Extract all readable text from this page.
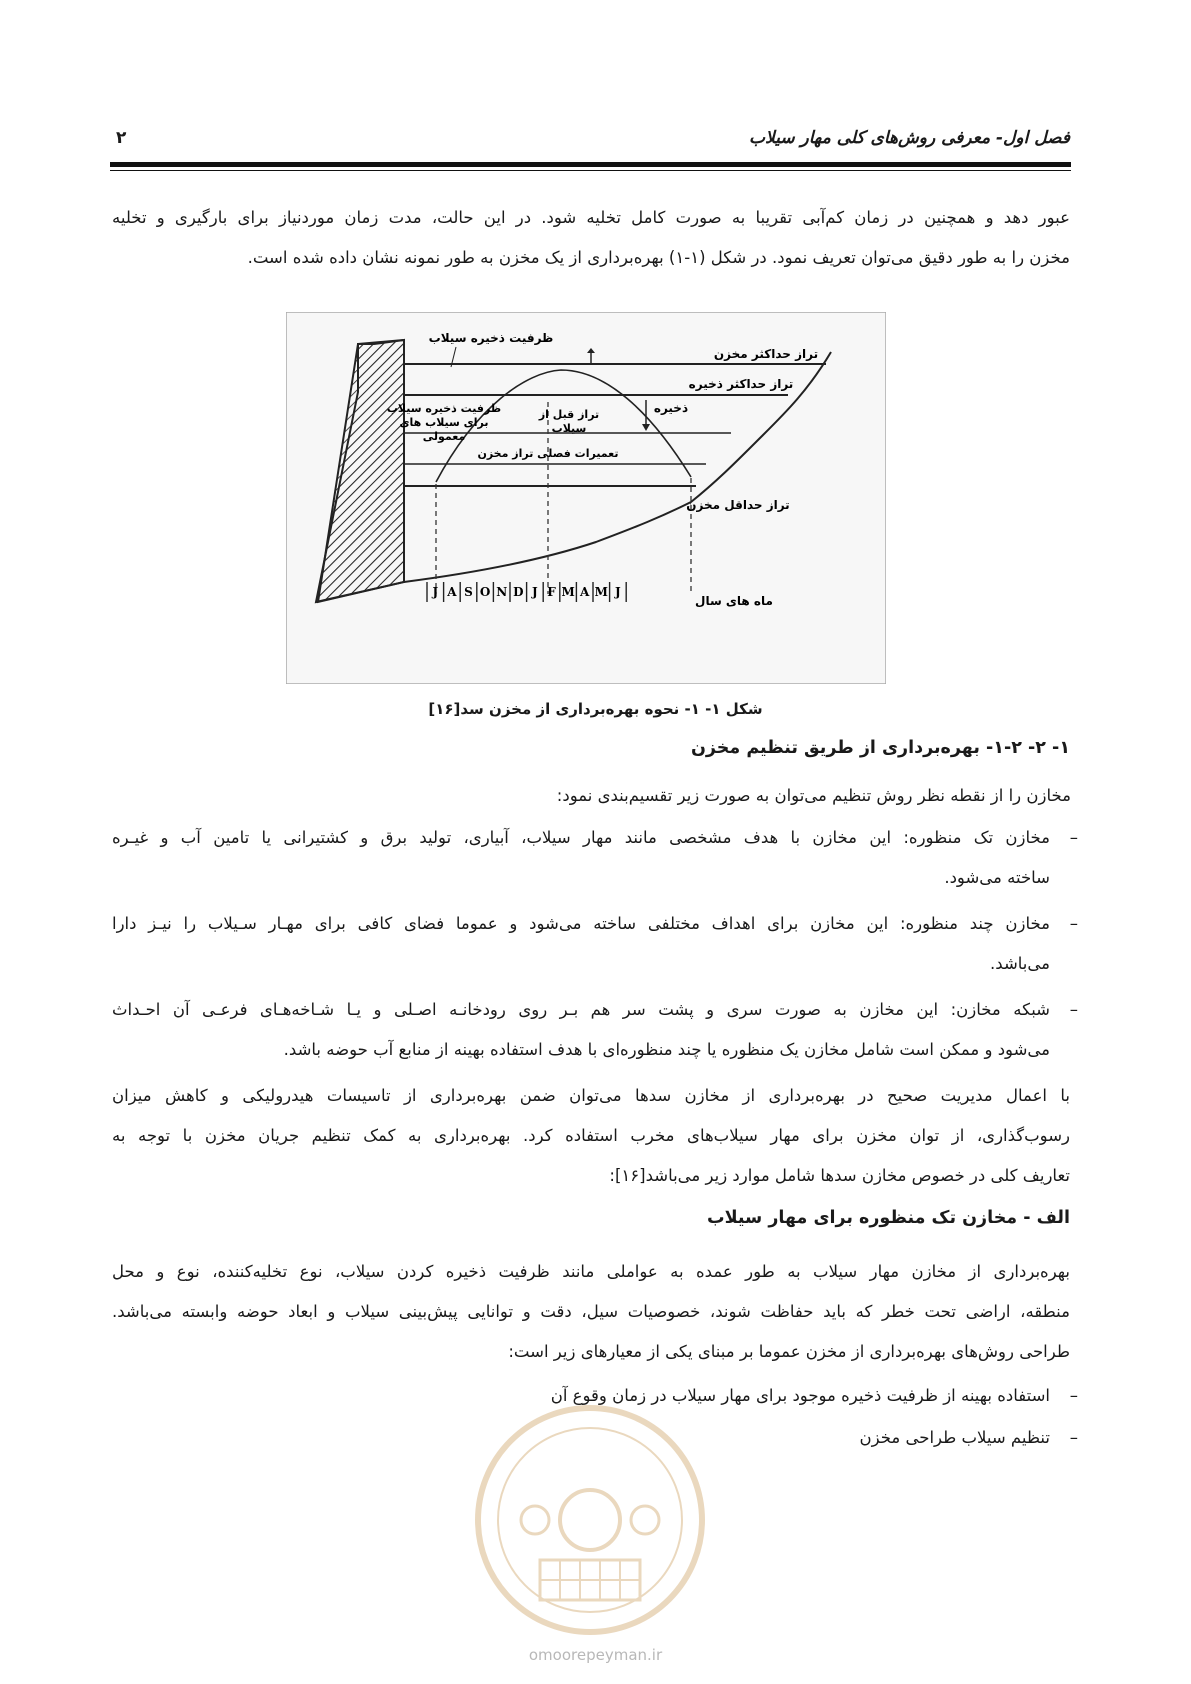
فصل اول- معرفی روش‌های کلی مهار سیلاب
۲
عبور دهد و همچنین در زمان کم‌آبی تقریبا به صورت کامل تخلیه شود. در این حالت، مدت زمان موردنیاز برای بارگیری و تخلیه
مخزن را به طور دقیق می‌توان تعریف نمود. در شکل (۱-۱) بهره‌برداری از یک مخزن به طور نمونه نشان داده شده است.
ظرفیت ذخیره سیلاب
تراز حداکثر مخزن
تراز حداکثر ذخیره
ظرفیت ذخیره سیلاب
برای سیلاب های
معمولی
تراز قبل از
سیلاب
ذخیره
تعمیرات فصلی تراز مخزن
تراز حداقل مخزن
ماه های سال
J A S O N D J F M A M J
شکل ۱- ۱- نحوه بهره‌برداری از مخزن سد[۱۶]
۱- ۲- ۱-۲- بهره‌برداری از طریق تنظیم مخزن
مخازن را از نقطه نظر روش تنظیم می‌توان به صورت زیر تقسیم‌بندی نمود:
–
مخازن تک منظوره: این مخازن با هدف مشخصی مانند مهار سیلاب، آبیاری، تولید برق و کشتیرانی یا تامین آب و غیـره
ساخته می‌شود.
–
مخازن چند منظوره: این مخازن برای اهداف مختلفی ساخته می‌شود و عموما فضای کافی برای مهـار سـیلاب را نیـز دارا
می‌باشد.
–
شبکه مخازن: این مخازن به صورت سری و پشت سر هم بـر روی رودخانـه اصـلی و یـا شـاخه‌هـای فرعـی آن احـداث
می‌شود و ممکن است شامل مخازن یک منظوره یا چند منظوره‌ای با هدف استفاده بهینه از منابع آب حوضه باشد.
با اعمال مدیریت صحیح در بهره‌برداری از مخازن سدها می‌توان ضمن بهره‌برداری از تاسیسات هیدرولیکی و کاهش میزان
رسوب‌گذاری، از توان مخزن برای مهار سیلاب‌های مخرب استفاده کرد. بهره‌برداری به کمک تنظیم جریان مخزن با توجه به
تعاریف کلی در خصوص مخازن سدها شامل موارد زیر می‌باشد[۱۶]:
الف - مخازن تک منظوره برای مهار سیلاب
بهره‌برداری از مخازن مهار سیلاب به طور عمده به عواملی مانند ظرفیت ذخیره کردن سیلاب، نوع تخلیه‌کننده، نوع و محل
منطقه، اراضی تحت خطر که باید حفاظت شوند، خصوصیات سیل، دقت و توانایی پیش‌بینی سیلاب و ابعاد حوضه وابسته می‌باشد.
طراحی روش‌های بهره‌برداری از مخزن عموما بر مبنای یکی از معیارهای زیر است:
–
استفاده بهینه از ظرفیت ذخیره موجود برای مهار سیلاب در زمان وقوع آن
–
تنظیم سیلاب طراحی مخزن
omoorepeyman.ir
